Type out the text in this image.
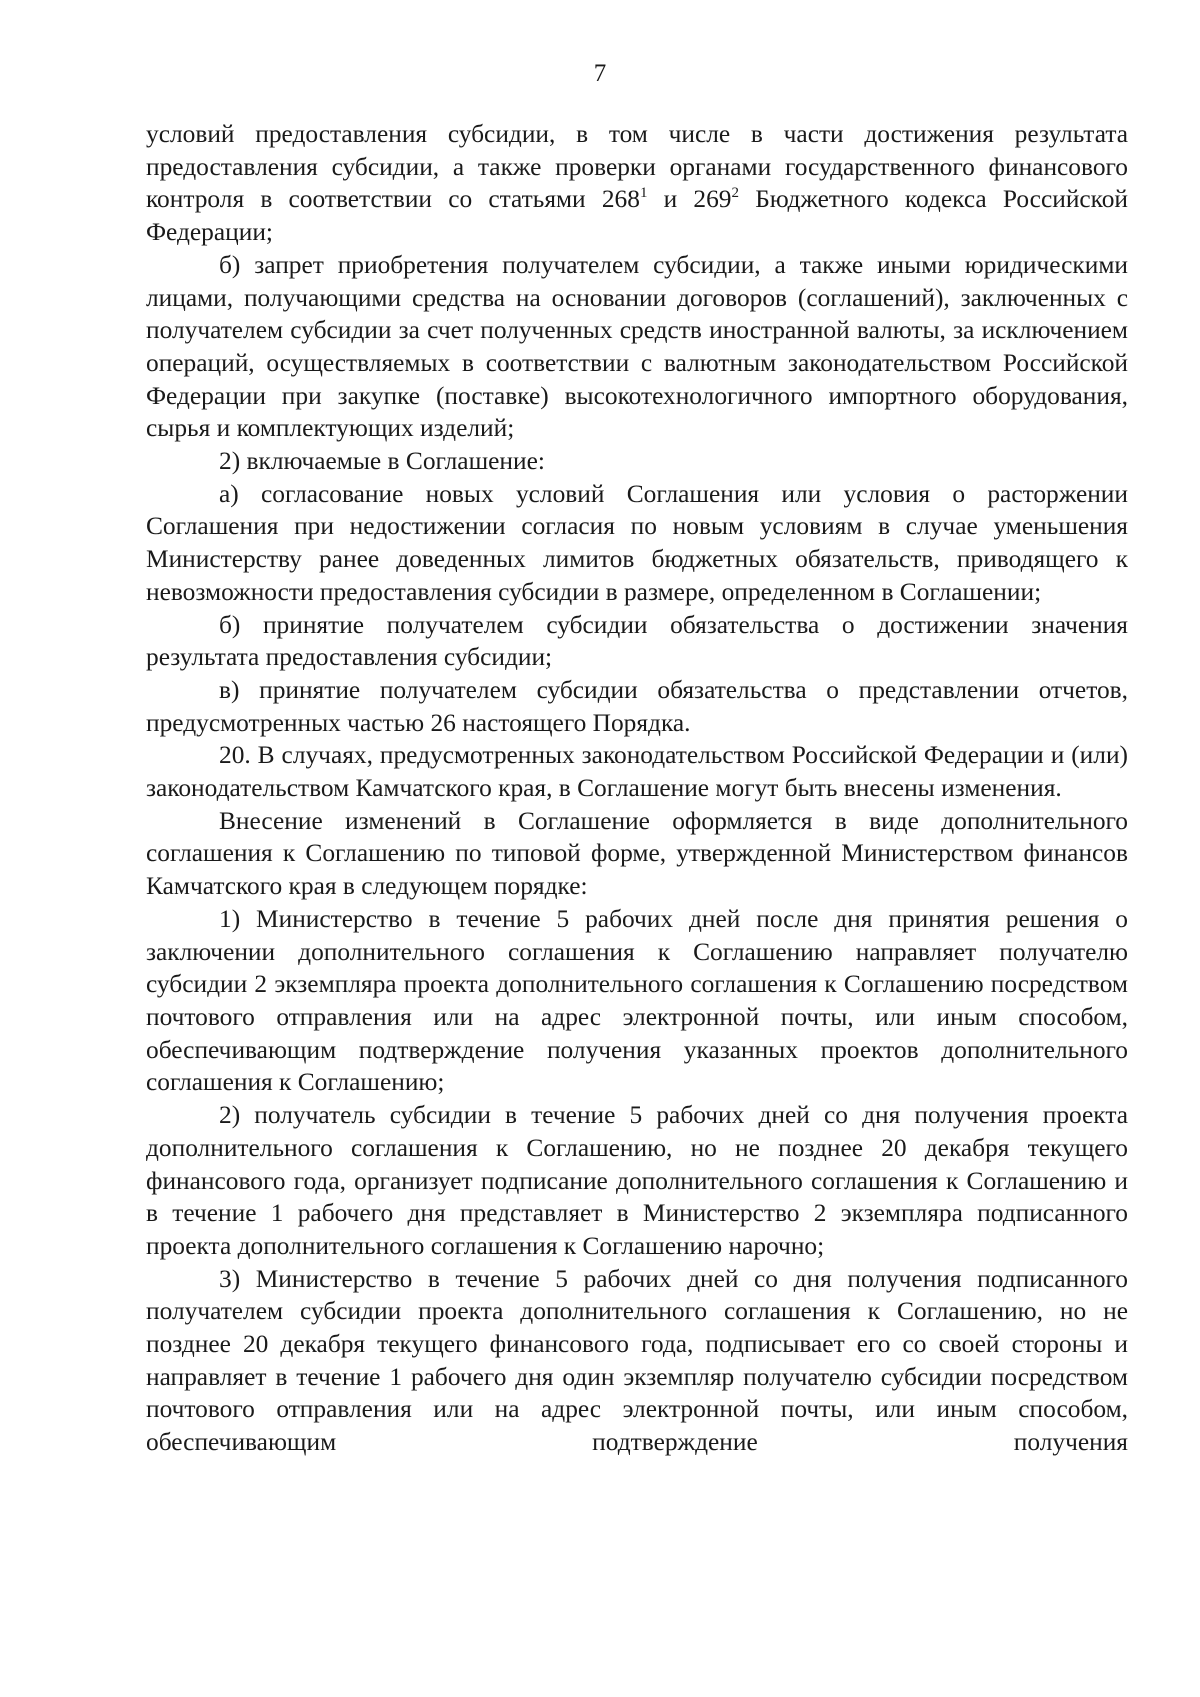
7

условий предоставления субсидии, в том числе в части достижения результата предоставления субсидии, а также проверки органами государственного финансового контроля в соответствии со статьями $268^1$ и $269^2$ Бюджетного кодекса Российской Федерации;

б) запрет приобретения получателем субсидии, а также иными юридическими лицами, получающими средства на основании договоров (соглашений), заключенных с получателем субсидии за счет полученных средств иностранной валюты, за исключением операций, осуществляемых в соответствии с валютным законодательством Российской Федерации при закупке (поставке) высокотехнологичного импортного оборудования, сырья и комплектующих изделий;

2) включаемые в Соглашение:

а) согласование новых условий Соглашения или условия о расторжении Соглашения при недостижении согласия по новым условиям в случае уменьшения Министерству ранее доведенных лимитов бюджетных обязательств, приводящего к невозможности предоставления субсидии в размере, определенном в Соглашении;

б) принятие получателем субсидии обязательства о достижении значения результата предоставления субсидии;

в) принятие получателем субсидии обязательства о представлении отчетов, предусмотренных частью 26 настоящего Порядка.

20. В случаях, предусмотренных законодательством Российской Федерации и (или) законодательством Камчатского края, в Соглашение могут быть внесены изменения.

Внесение изменений в Соглашение оформляется в виде дополнительного соглашения к Соглашению по типовой форме, утвержденной Министерством финансов Камчатского края в следующем порядке:

1) Министерство в течение 5 рабочих дней после дня принятия решения о заключении дополнительного соглашения к Соглашению направляет получателю субсидии 2 экземпляра проекта дополнительного соглашения к Соглашению посредством почтового отправления или на адрес электронной почты, или иным способом, обеспечивающим подтверждение получения указанных проектов дополнительного соглашения к Соглашению;

2) получатель субсидии в течение 5 рабочих дней со дня получения проекта дополнительного соглашения к Соглашению, но не позднее 20 декабря текущего финансового года, организует подписание дополнительного соглашения к Соглашению и в течение 1 рабочего дня представляет в Министерство 2 экземпляра подписанного проекта дополнительного соглашения к Соглашению нарочно;

3) Министерство в течение 5 рабочих дней со дня получения подписанного получателем субсидии проекта дополнительного соглашения к Соглашению, но не позднее 20 декабря текущего финансового года, подписывает его со своей стороны и направляет в течение 1 рабочего дня один экземпляр получателю субсидии посредством почтового отправления или на адрес электронной почты, или иным способом, обеспечивающим подтверждение получения
